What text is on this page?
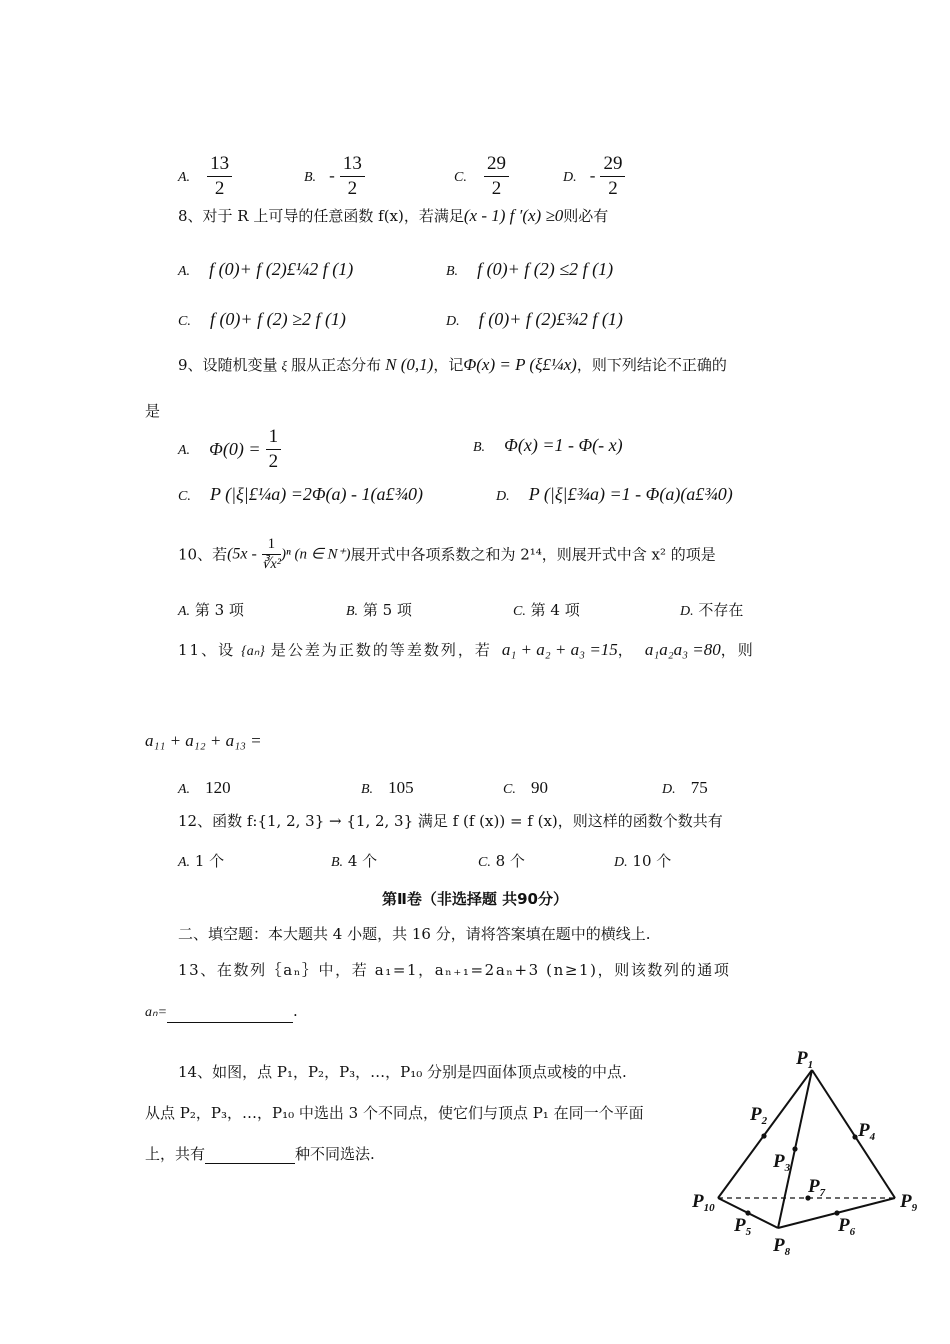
A. $\frac{13}{2}$	B. - $\frac{13}{2}$	C. $\frac{29}{2}$	D. - $\frac{29}{2}$
8、对于 R 上可导的任意函数 f(x)，若满足(x - 1) f ′(x) ≥0则必有
A. f (0)+ f (2)£¼2 f (1)	B. f (0)+ f (2) ≤2 f (1)
C. f (0)+ f (2) ≥2 f (1)	D. f (0)+ f (2)£¾2 f (1)
9、设随机变量 ξ 服从正态分布 N (0,1)，记Φ(x) = P (ξ£¼x)，则下列结论不正确的
是
A. $\Phi(0) = \frac{1}{2}$	B. Φ(x) =1 - Φ(- x)
C. P (|ξ|£¼a) =2Φ(a) - 1(a£¾0)	D. P (|ξ|£¾a) =1 - Φ(a)(a£¾0)
10、若$(5x - \frac{1}{\text{∛x²}} )^n$ (n ∈ N⁺)展开式中各项系数之和为 2¹⁴，则展开式中含 x² 的项是
A. 第 3 项	B. 第 5 项	C. 第 4 项	D. 不存在
11、设 {aₙ} 是公差为正数的等差数列，若 a₁ + a₂ + a₃ =15， a₁a₂a₃ =80，则
a₁₁ + a₁₂ + a₁₃ =
A. 120	B. 105	C. 90	D. 75
12、函数 f:{1, 2, 3} → {1, 2, 3} 满足 f (f (x)) = f (x)，则这样的函数个数共有
A. 1 个	B. 4 个	C. 8 个	D. 10 个
第Ⅱ卷（非选择题 共90分）
二、填空题：本大题共 4 小题，共 16 分，请将答案填在题中的横线上.
13、在数列｛aₙ｝中，若 a₁=1，aₙ₊₁=2aₙ+3 (n≥1)，则该数列的通项
aₙ=	.
14、如图，点 P₁，P₂，P₃，…，P₁₀ 分别是四面体顶点或棱的中点.
从点 P₂，P₃，…，P₁₀ 中选出 3 个不同点，使它们与顶点 P₁ 在同一个平面
上，共有	种不同选法.
$P_1$
$P_2$
$P_3$
$P_4$
$P_5$	$P_6$
$P_7$
$P_8$
$P_9$
$P_{10}$
